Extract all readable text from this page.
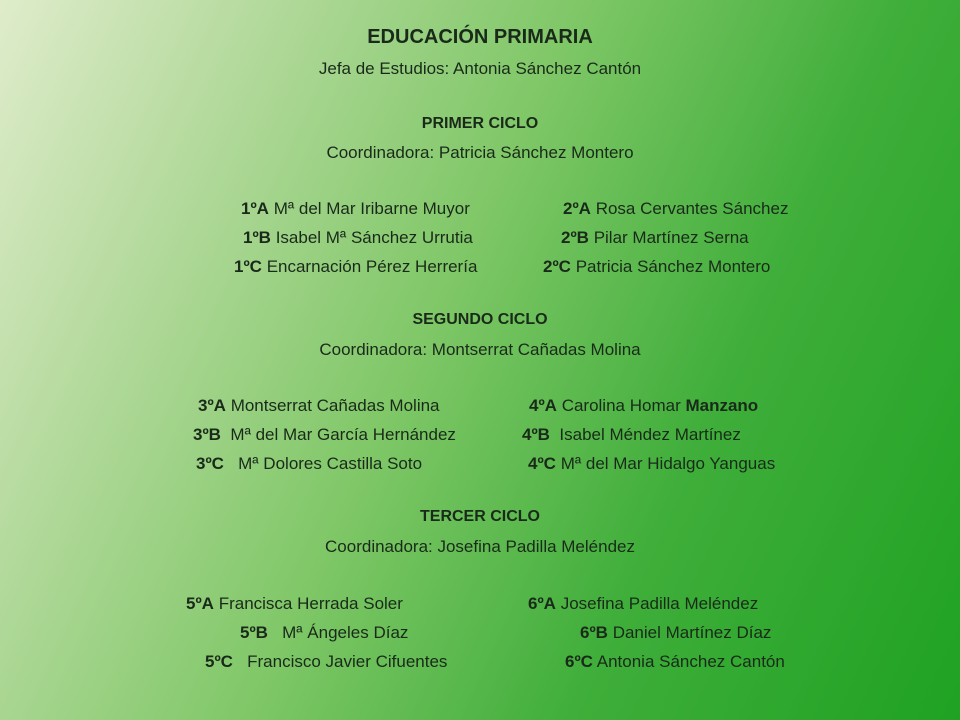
EDUCACIÓN PRIMARIA
Jefa de Estudios: Antonia Sánchez Cantón
PRIMER CICLO
Coordinadora: Patricia Sánchez Montero
1ºA Mª del Mar Iribarne Muyor	2ºA Rosa Cervantes Sánchez
1ºB Isabel Mª Sánchez Urrutia	2ºB Pilar Martínez Serna
1ºC Encarnación Pérez Herrería	2ºC Patricia Sánchez Montero
SEGUNDO CICLO
Coordinadora: Montserrat Cañadas Molina
3ºA Montserrat Cañadas Molina	4ºA Carolina Homar Manzano
3ºB  Mª del Mar García Hernández	4ºB  Isabel Méndez Martínez
3ºC   Mª Dolores Castilla Soto	4ºC Mª del Mar Hidalgo Yanguas
TERCER CICLO
Coordinadora: Josefina Padilla Meléndez
5ºA Francisca Herrada Soler	6ºA Josefina Padilla Meléndez
5ºB   Mª Ángeles Díaz	6ºB Daniel Martínez Díaz
5ºC   Francisco Javier Cifuentes	6ºC Antonia Sánchez Cantón
